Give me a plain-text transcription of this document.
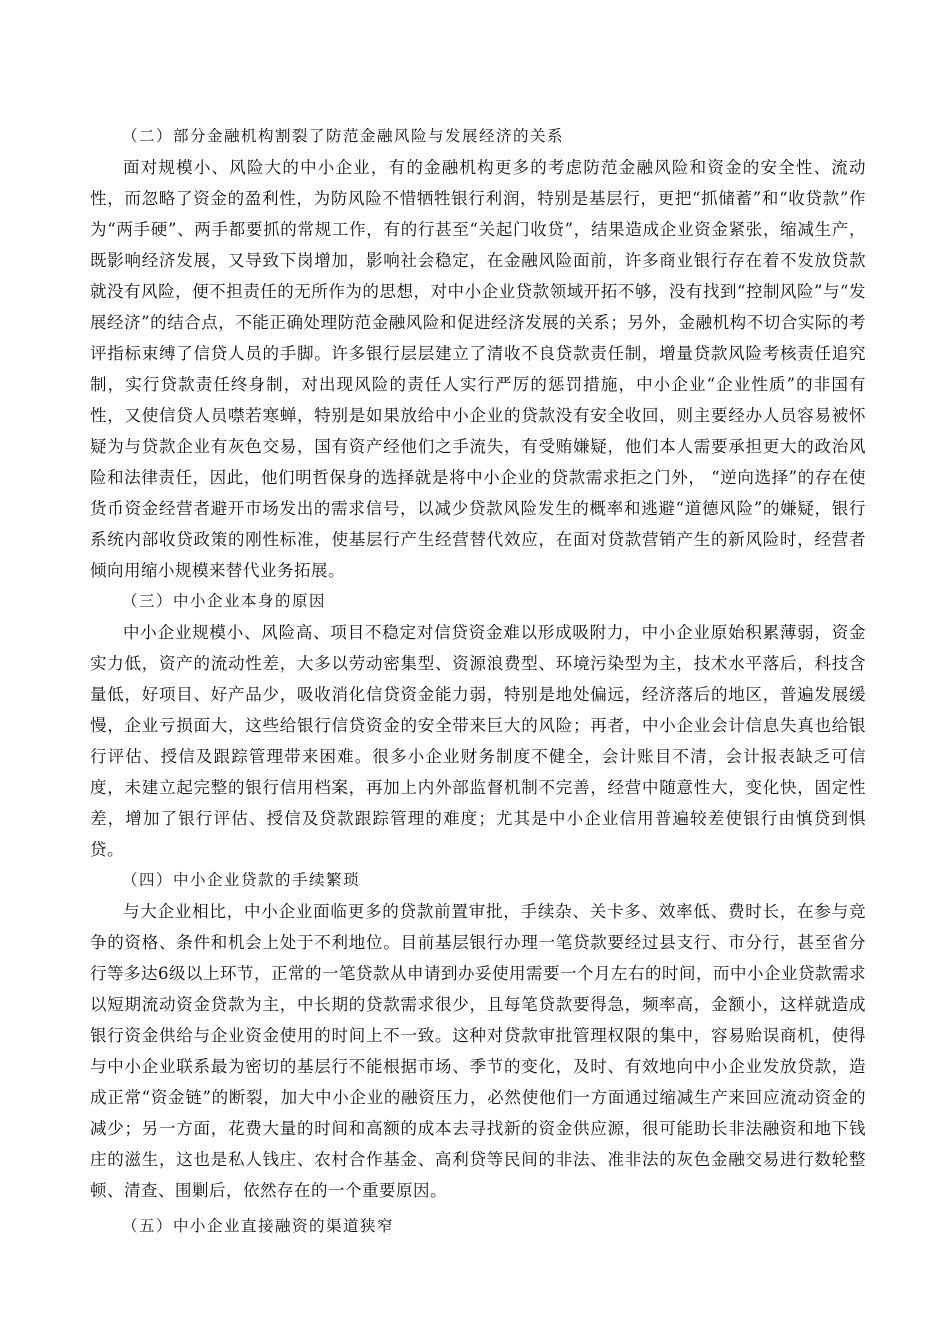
（二）部分金融机构割裂了防范金融风险与发展经济的关系

面对规模小、风险大的中小企业，有的金融机构更多的考虑防范金融风险和资金的安全性、流动性，而忽略了资金的盈利性，为防风险不惜牺牲银行利润，特别是基层行，更把“抓储蓄”和“收贷款”作为“两手硬”、两手都要抓的常规工作，有的行甚至“关起门收贷”，结果造成企业资金紧张，缩减生产，既影响经济发展，又导致下岗增加，影响社会稳定，在金融风险面前，许多商业银行存在着不发放贷款就没有风险，便不担责任的无所作为的思想，对中小企业贷款领域开拓不够，没有找到“控制风险”与“发展经济”的结合点，不能正确处理防范金融风险和促进经济发展的关系；另外，金融机构不切合实际的考评指标束缚了信贷人员的手脚。许多银行层层建立了清收不良贷款责任制，增量贷款风险考核责任追究制，实行贷款责任终身制，对出现风险的责任人实行严厉的惩罚措施，中小企业“企业性质”的非国有性，又使信贷人员噤若寒蝉，特别是如果放给中小企业的贷款没有安全收回，则主要经办人员容易被怀疑为与贷款企业有灰色交易，国有资产经他们之手流失，有受贿嫌疑，他们本人需要承担更大的政治风险和法律责任，因此，他们明哲保身的选择就是将中小企业的贷款需求拒之门外， “逆向选择”的存在使货币资金经营者避开市场发出的需求信号，以减少贷款风险发生的概率和逃避“道德风险”的嫌疑，银行系统内部收贷政策的刚性标准，使基层行产生经营替代效应，在面对贷款营销产生的新风险时，经营者倾向用缩小规模来替代业务拓展。

（三）中小企业本身的原因

中小企业规模小、风险高、项目不稳定对信贷资金难以形成吸附力，中小企业原始积累薄弱，资金实力低，资产的流动性差，大多以劳动密集型、资源浪费型、环境污染型为主，技术水平落后，科技含量低，好项目、好产品少，吸收消化信贷资金能力弱，特别是地处偏远，经济落后的地区，普遍发展缓慢，企业亏损面大，这些给银行信贷资金的安全带来巨大的风险；再者，中小企业会计信息失真也给银行评估、授信及跟踪管理带来困难。很多小企业财务制度不健全，会计账目不清，会计报表缺乏可信度，未建立起完整的银行信用档案，再加上内外部监督机制不完善，经营中随意性大，变化快，固定性差，增加了银行评估、授信及贷款跟踪管理的难度；尤其是中小企业信用普遍较差使银行由慎贷到惧贷。

（四）中小企业贷款的手续繁琐

与大企业相比，中小企业面临更多的贷款前置审批，手续杂、关卡多、效率低、费时长，在参与竞争的资格、条件和机会上处于不利地位。目前基层银行办理一笔贷款要经过县支行、市分行，甚至省分行等多达6级以上环节，正常的一笔贷款从申请到办妥使用需要一个月左右的时间，而中小企业贷款需求以短期流动资金贷款为主，中长期的贷款需求很少，且每笔贷款要得急，频率高，金额小，这样就造成银行资金供给与企业资金使用的时间上不一致。这种对贷款审批管理权限的集中，容易贻误商机，使得与中小企业联系最为密切的基层行不能根据市场、季节的变化，及时、有效地向中小企业发放贷款，造成正常“资金链”的断裂，加大中小企业的融资压力，必然使他们一方面通过缩减生产来回应流动资金的减少；另一方面，花费大量的时间和高额的成本去寻找新的资金供应源，很可能助长非法融资和地下钱庄的滋生，这也是私人钱庄、农村合作基金、高利贷等民间的非法、准非法的灰色金融交易进行数轮整顿、清查、围剿后，依然存在的一个重要原因。

（五）中小企业直接融资的渠道狭窄
